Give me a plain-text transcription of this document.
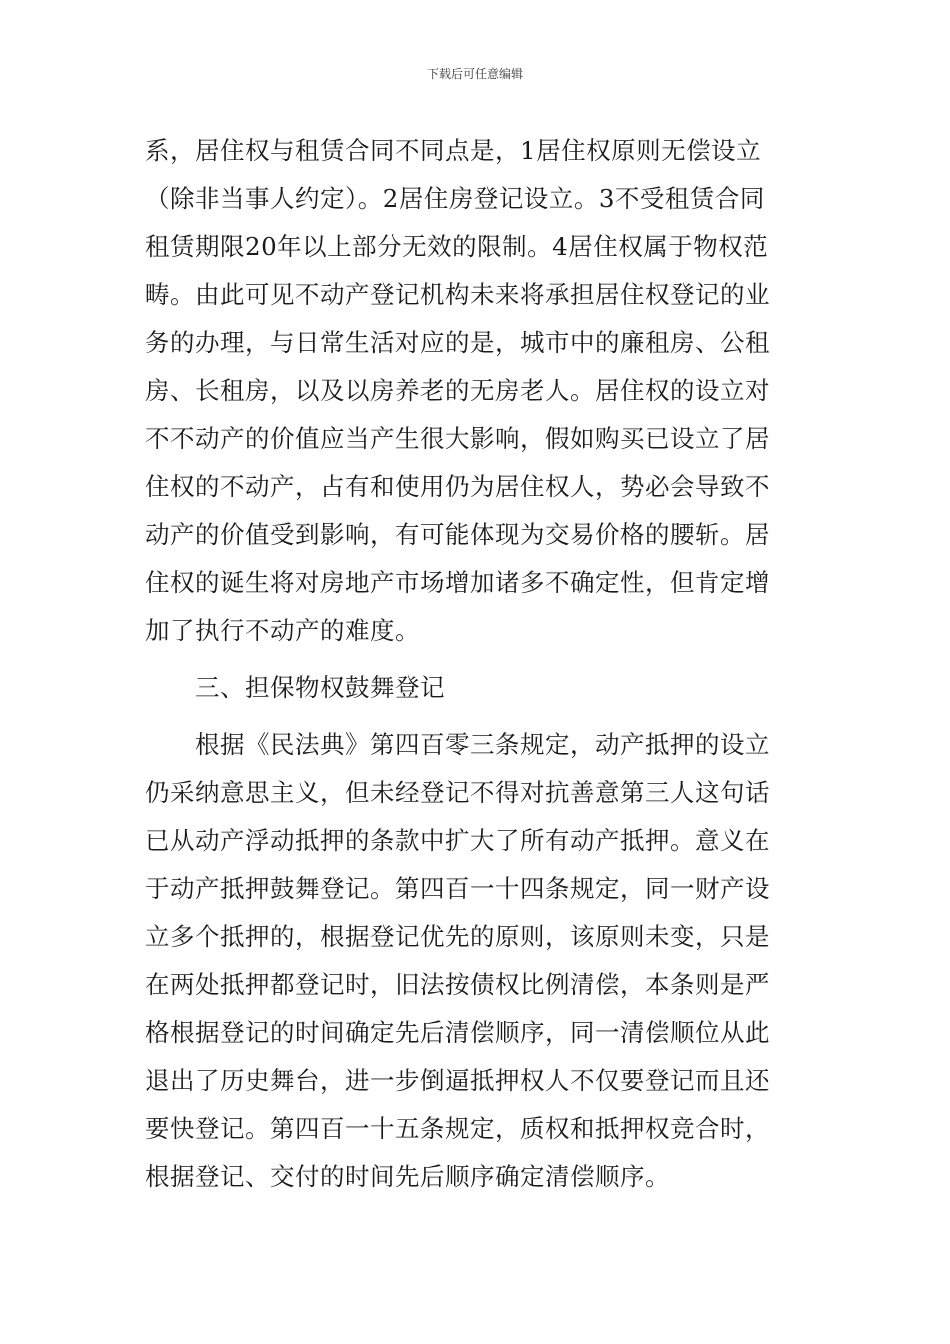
下载后可任意编辑
系，居住权与租赁合同不同点是，1居住权原则无偿设立
（除非当事人约定）。2居住房登记设立。3不受租赁合同
租赁期限20年以上部分无效的限制。4居住权属于物权范
畴。由此可见不动产登记机构未来将承担居住权登记的业
务的办理，与日常生活对应的是，城市中的廉租房、公租
房、长租房，以及以房养老的无房老人。居住权的设立对
不不动产的价值应当产生很大影响，假如购买已设立了居
住权的不动产，占有和使用仍为居住权人，势必会导致不
动产的价值受到影响，有可能体现为交易价格的腰斩。居
住权的诞生将对房地产市场增加诸多不确定性，但肯定增
加了执行不动产的难度。
三、担保物权鼓舞登记
根据《民法典》第四百零三条规定，动产抵押的设立
仍采纳意思主义，但未经登记不得对抗善意第三人这句话
已从动产浮动抵押的条款中扩大了所有动产抵押。意义在
于动产抵押鼓舞登记。第四百一十四条规定，同一财产设
立多个抵押的，根据登记优先的原则，该原则未变，只是
在两处抵押都登记时，旧法按债权比例清偿，本条则是严
格根据登记的时间确定先后清偿顺序，同一清偿顺位从此
退出了历史舞台，进一步倒逼抵押权人不仅要登记而且还
要快登记。第四百一十五条规定，质权和抵押权竞合时，
根据登记、交付的时间先后顺序确定清偿顺序。
